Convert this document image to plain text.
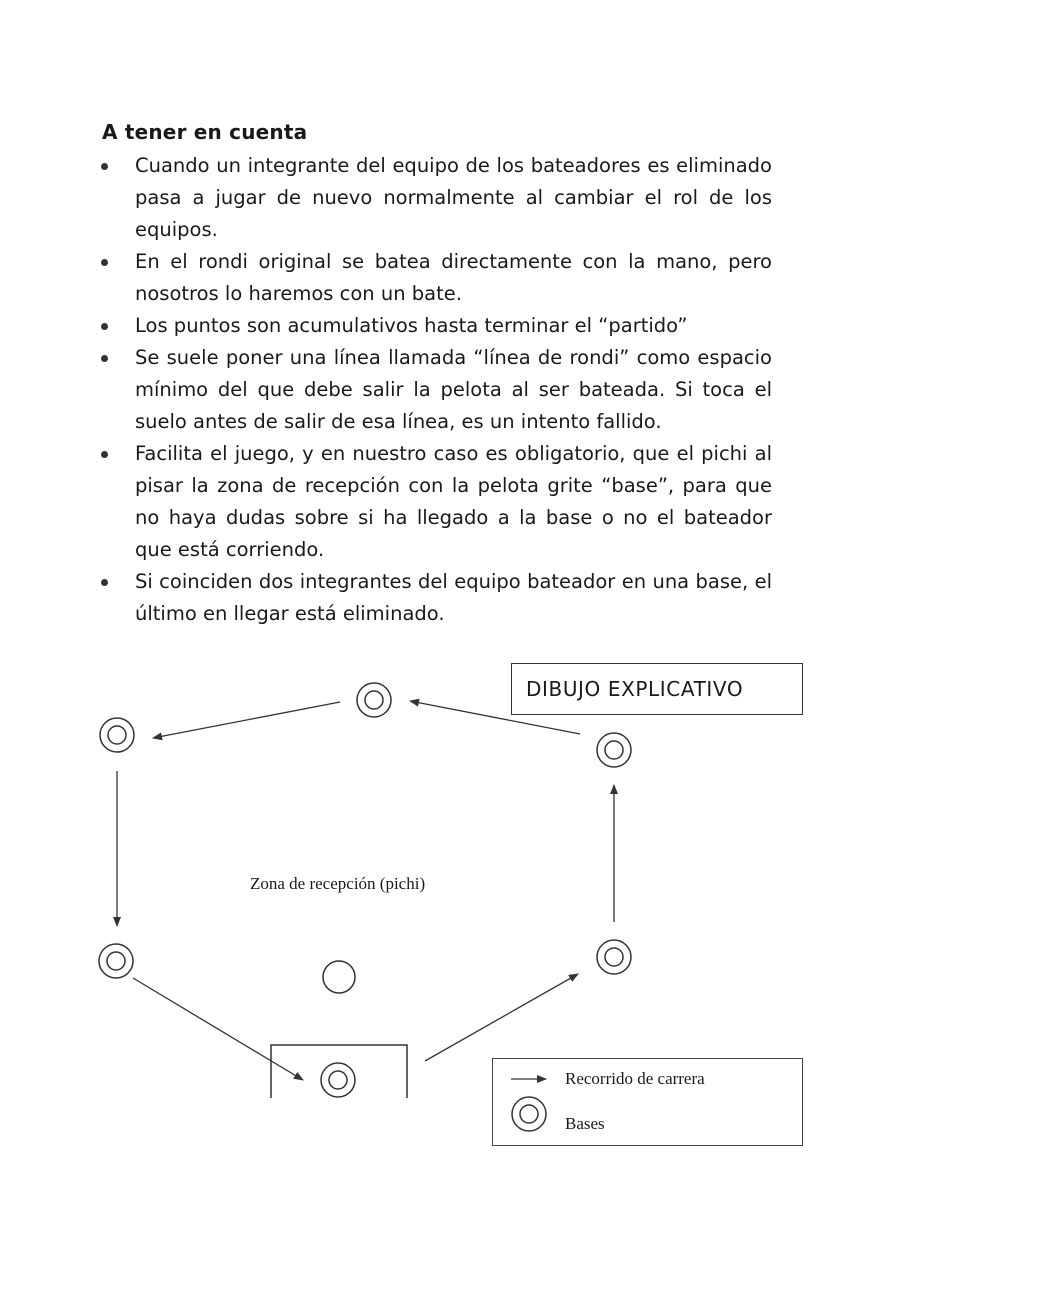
A tener en cuenta
Cuando un integrante del equipo de los bateadores es eliminado pasa a jugar de nuevo normalmente al cambiar el rol de los equipos.
En el rondi original se batea directamente con la mano, pero nosotros lo haremos con un bate.
Los puntos son acumulativos hasta terminar el “partido”
Se suele poner una línea llamada “línea de rondi” como espacio mínimo del que debe salir la pelota al ser bateada. Si toca el suelo antes de salir de esa línea, es un intento fallido.
Facilita el juego, y en nuestro caso es obligatorio, que el pichi al pisar la zona de recepción con la pelota grite “base”, para que no haya dudas sobre si ha llegado a la base o no el bateador que está corriendo.
Si coinciden dos integrantes del equipo bateador en una base, el último en llegar está eliminado.
DIBUJO EXPLICATIVO
Zona de recepción (pichi)
Recorrido de carrera
Bases
